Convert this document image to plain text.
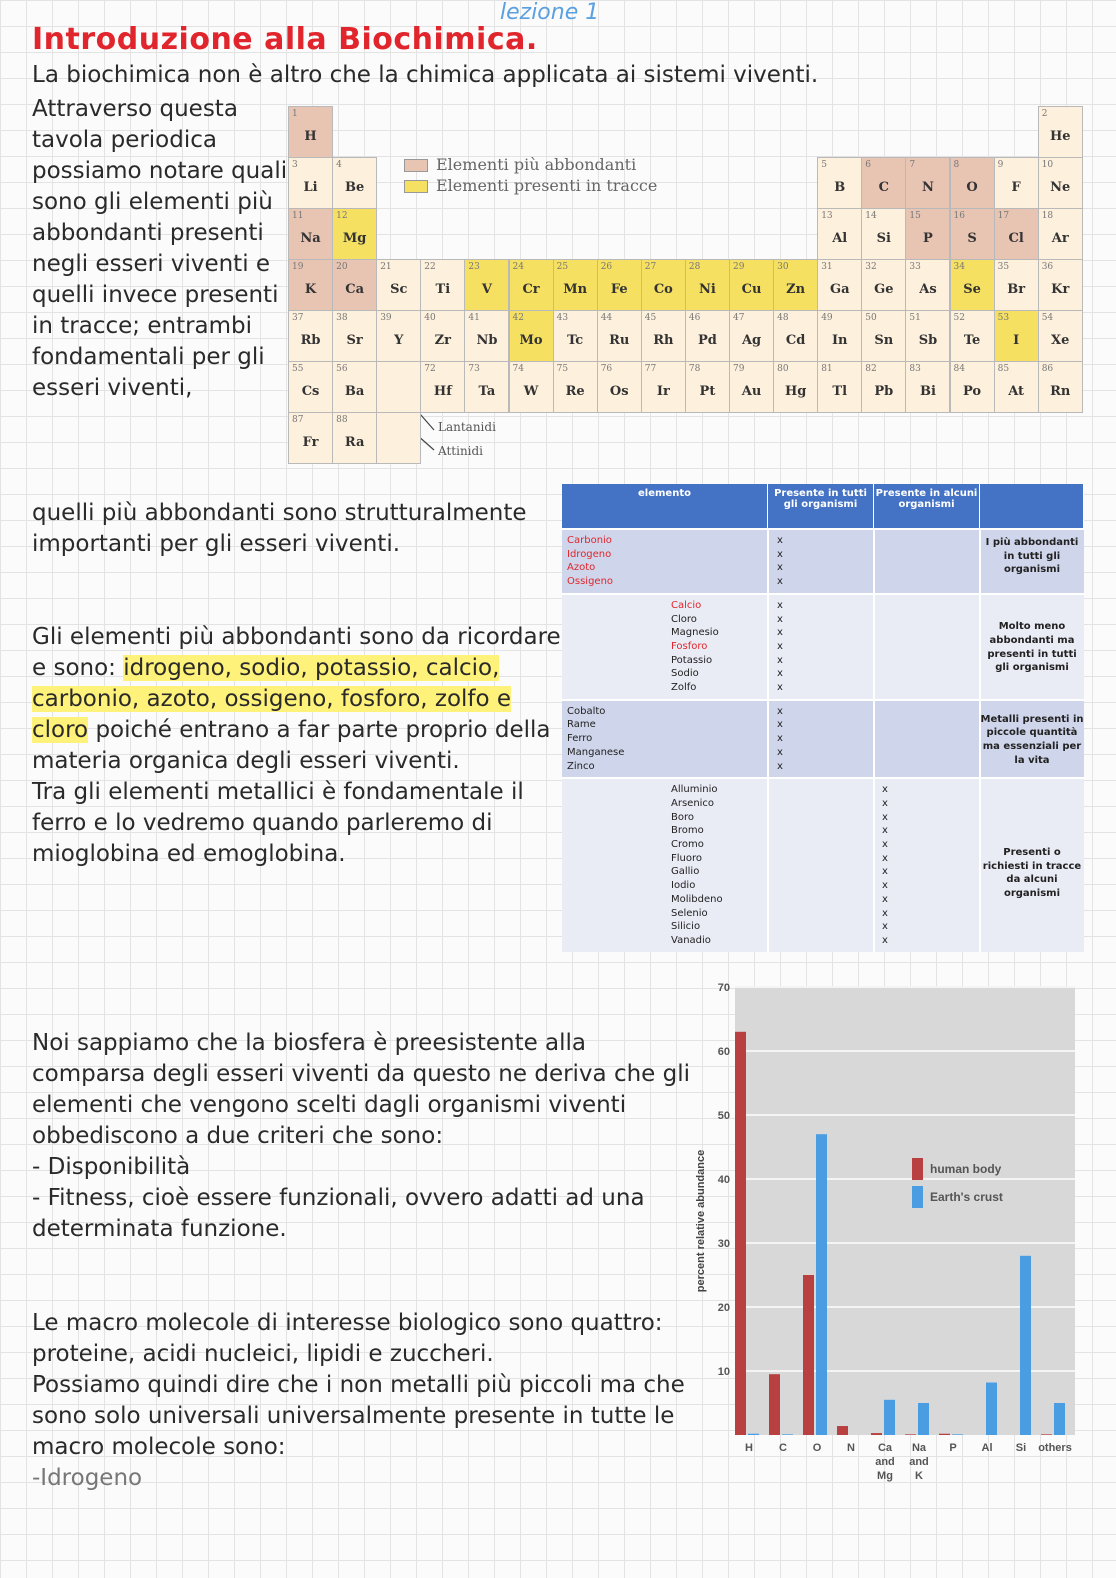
lezione 1
Introduzione alla Biochimica.
La biochimica non è altro che la chimica applicata ai sistemi viventi.
Attraverso questa tavola periodica possiamo notare quali sono gli elementi più abbondanti presenti negli esseri viventi e quelli invece presenti in tracce; entrambi fondamentali per gli esseri viventi,
quelli più abbondanti sono strutturalmente importanti per gli esseri viventi.
Gli elementi più abbondanti sono da ricordare e sono: idrogeno, sodio, potassio, calcio, carbonio, azoto, ossigeno, fosforo, zolfo e cloro poiché entrano a far parte proprio della materia organica degli esseri viventi.
Tra gli elementi metallici è fondamentale il ferro e lo vedremo quando parleremo di mioglobina ed emoglobina.
Noi sappiamo che la biosfera è preesistente alla comparsa degli esseri viventi da questo ne deriva che gli elementi che vengono scelti dagli organismi viventi obbediscono a due criteri che sono:
- Disponibilità
- Fitness, cioè essere funzionali, ovvero adatti ad una determinata funzione.
Le macro molecole di interesse biologico sono quattro: proteine, acidi nucleici, lipidi e zuccheri.
Possiamo quindi dire che i non metalli più piccoli ma che sono solo universali universalmente presente in tutte le macro molecole sono:
-Idrogeno
Elementi più abbondanti
Elementi presenti in tracce
Lantanidi
Attinidi
1
H
2
He
3
Li
4
Be
5
B
6
C
7
N
8
O
9
F
10
Ne
11
Na
12
Mg
13
Al
14
Si
15
P
16
S
17
Cl
18
Ar
19
K
20
Ca
21
Sc
22
Ti
23
V
24
Cr
25
Mn
26
Fe
27
Co
28
Ni
29
Cu
30
Zn
31
Ga
32
Ge
33
As
34
Se
35
Br
36
Kr
37
Rb
38
Sr
39
Y
40
Zr
41
Nb
42
Mo
43
Tc
44
Ru
45
Rh
46
Pd
47
Ag
48
Cd
49
In
50
Sn
51
Sb
52
Te
53
I
54
Xe
55
Cs
56
Ba
72
Hf
73
Ta
74
W
75
Re
76
Os
77
Ir
78
Pt
79
Au
80
Hg
81
Tl
82
Pb
83
Bi
84
Po
85
At
86
Rn
87
Fr
88
Ra
elemento	Presente in tutti gli organismi
Presente in alcuni organismi
Carbonio
Idrogeno
Azoto
Ossigeno
x
x
x
x
I più abbondanti in tutti gli organismi
Calcio
Cloro
Magnesio
Fosforo
Potassio
Sodio
Zolfo
x
x
x
x
x
x
x
Molto meno abbondanti ma presenti in tutti gli organismi
Cobalto
Rame
Ferro
Manganese
Zinco
x
x
x
x
x
Metalli presenti in piccole quantità ma essenziali per la vita
Alluminio
Arsenico
Boro
Bromo
Cromo
Fluoro
Gallio
Iodio
Molibdeno
Selenio
Silicio
Vanadio
x
x
x
x
x
x
x
x
x
x
x
x
Presenti o richiesti in tracce da alcuni organismi
10
20
30
40
50
60
70
percent relative abundance
H C O N Ca
and
Mg
Na
and
K
P Al Si others
human body
Earth's crust
